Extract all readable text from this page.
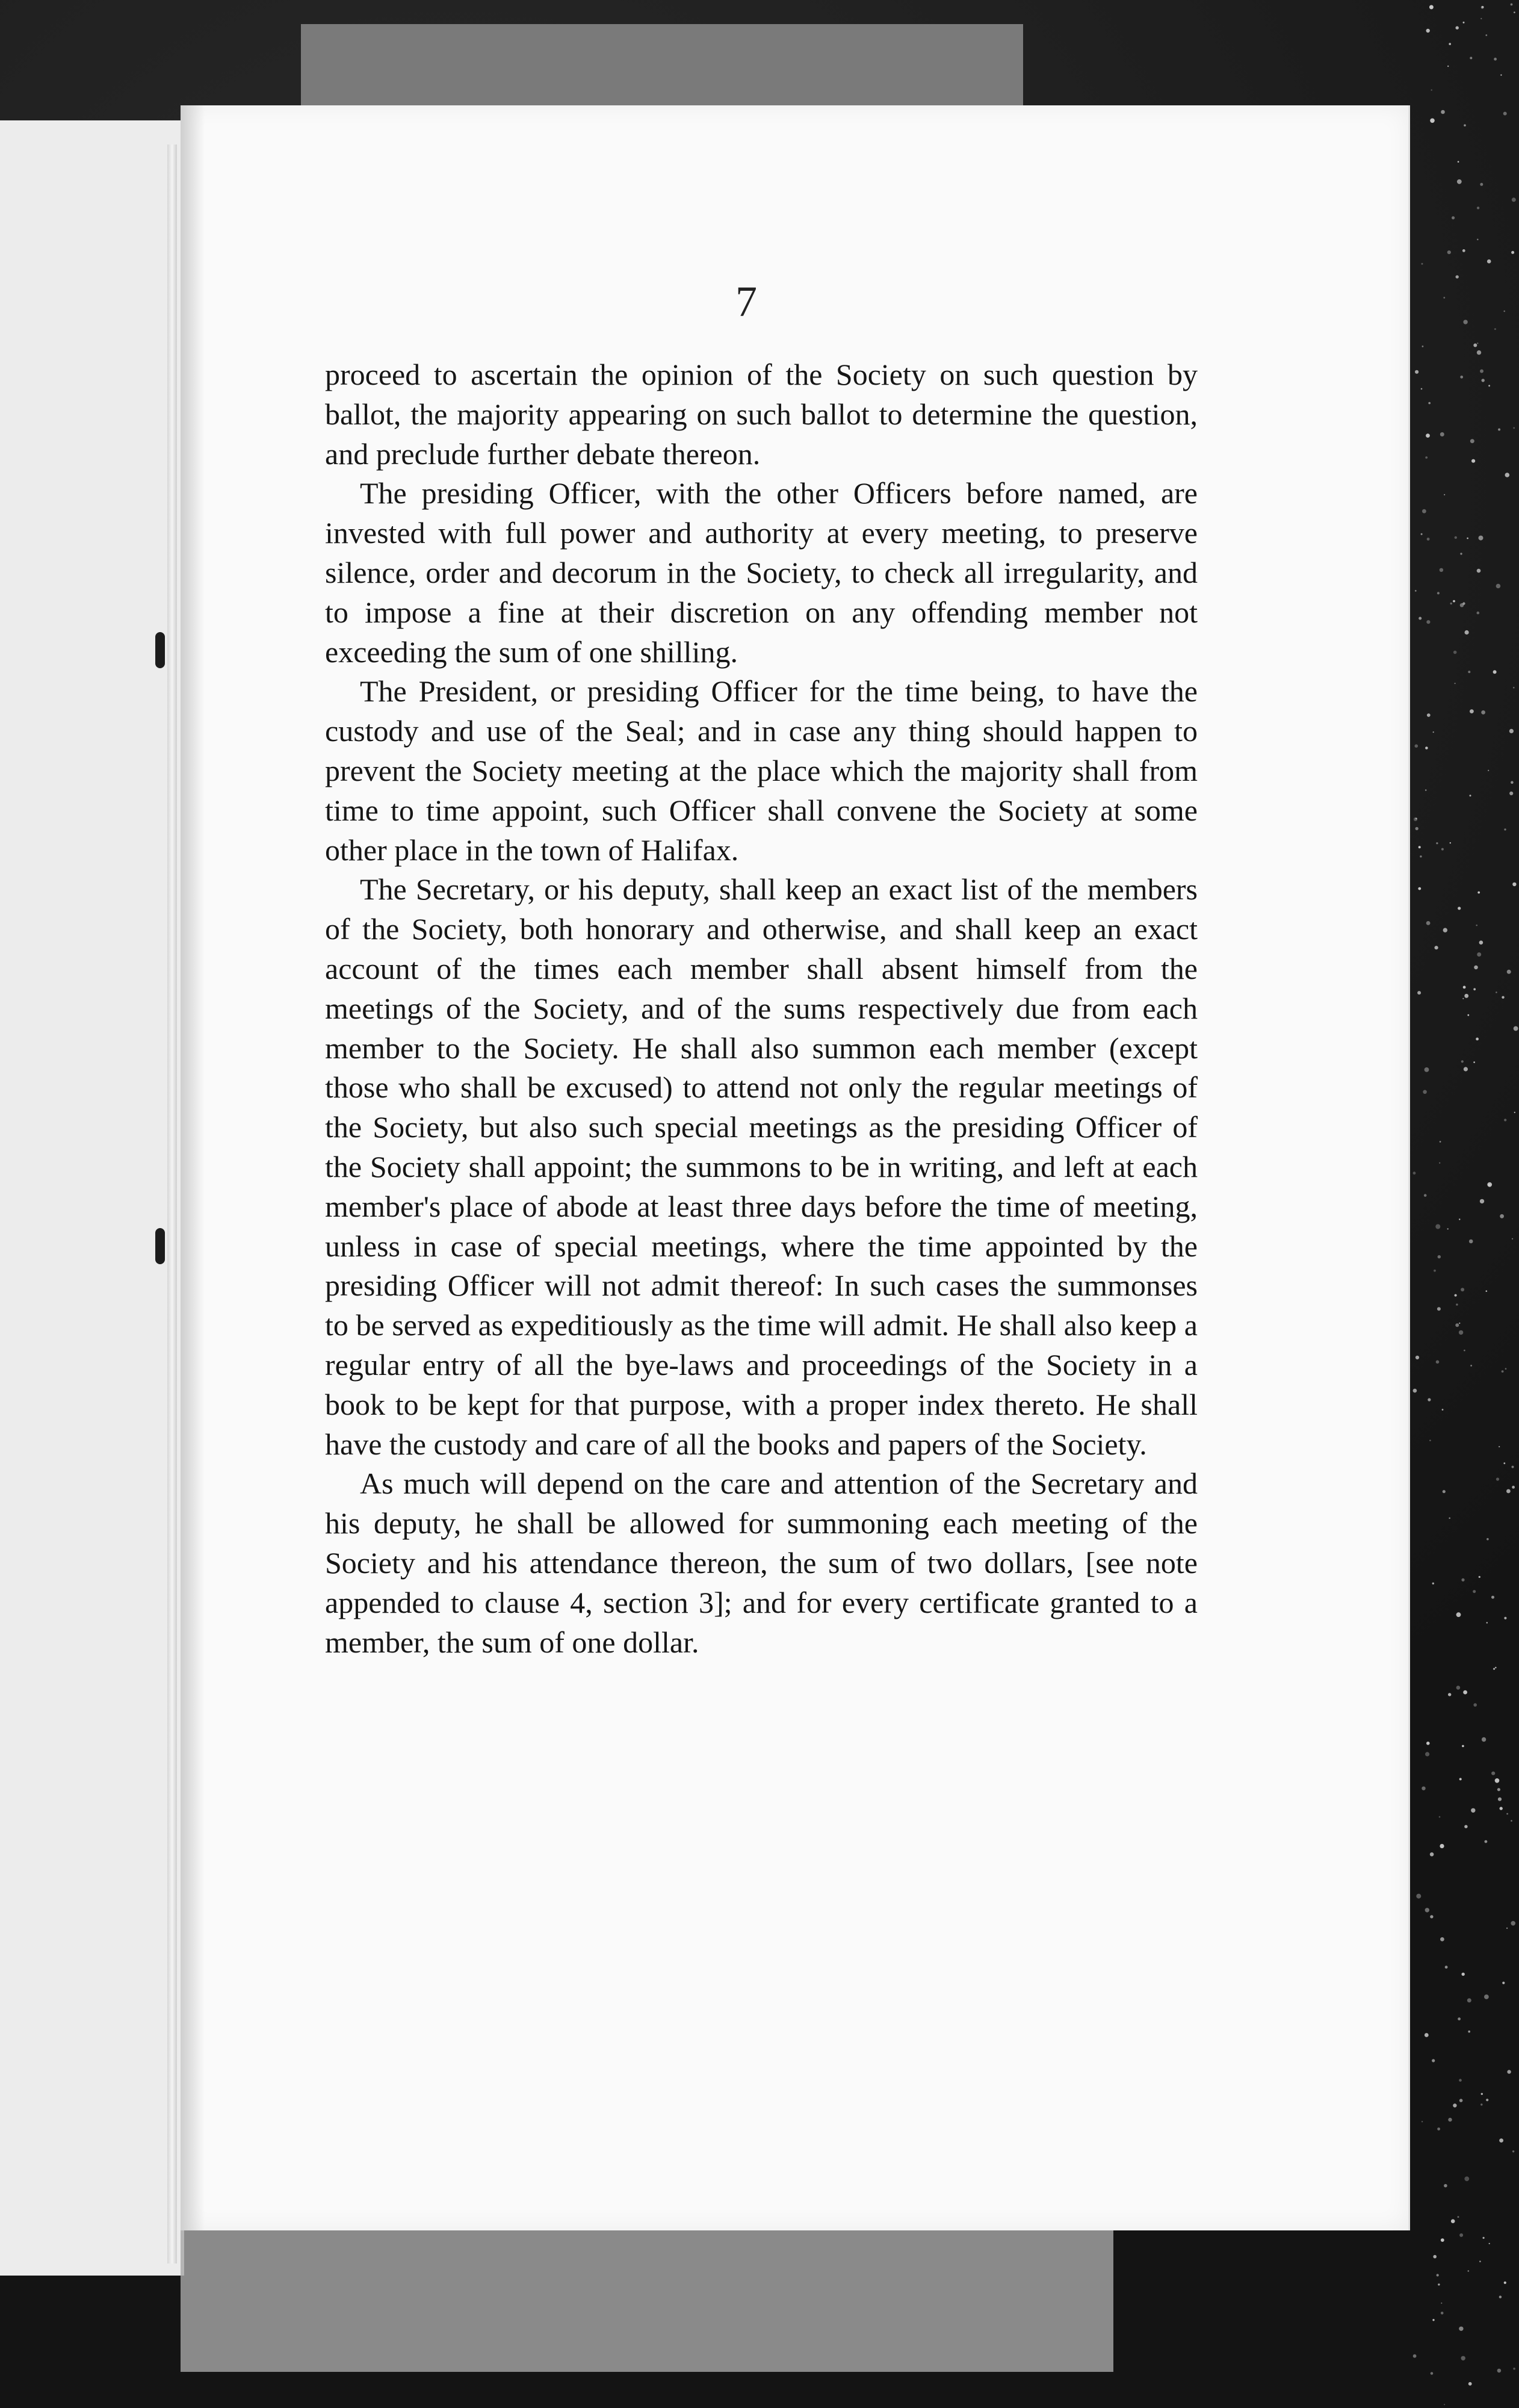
7

proceed to ascertain the opinion of the Society on such question by ballot, the majority appearing on such ballot to determine the question, and preclude further debate thereon.

The presiding Officer, with the other Officers before named, are invested with full power and authority at every meeting, to preserve silence, order and decorum in the Society, to check all irregularity, and to impose a fine at their discretion on any offending member not exceeding the sum of one shilling.

The President, or presiding Officer for the time being, to have the custody and use of the Seal; and in case any thing should happen to prevent the Society meeting at the place which the majority shall from time to time appoint, such Officer shall convene the Society at some other place in the town of Halifax.

The Secretary, or his deputy, shall keep an exact list of the members of the Society, both honorary and otherwise, and shall keep an exact account of the times each member shall absent himself from the meetings of the Society, and of the sums respectively due from each member to the Society. He shall also summon each member (except those who shall be excused) to attend not only the regular meetings of the Society, but also such special meetings as the presiding Officer of the Society shall appoint; the summons to be in writing, and left at each member's place of abode at least three days before the time of meeting, unless in case of special meetings, where the time appointed by the presiding Officer will not admit thereof: In such cases the summonses to be served as expeditiously as the time will admit. He shall also keep a regular entry of all the bye-laws and proceedings of the Society in a book to be kept for that purpose, with a proper index thereto. He shall have the custody and care of all the books and papers of the Society.

As much will depend on the care and attention of the Secretary and his deputy, he shall be allowed for summoning each meeting of the Society and his attendance thereon, the sum of two dollars, [see note appended to clause 4, section 3]; and for every certificate granted to a member, the sum of one dollar.
